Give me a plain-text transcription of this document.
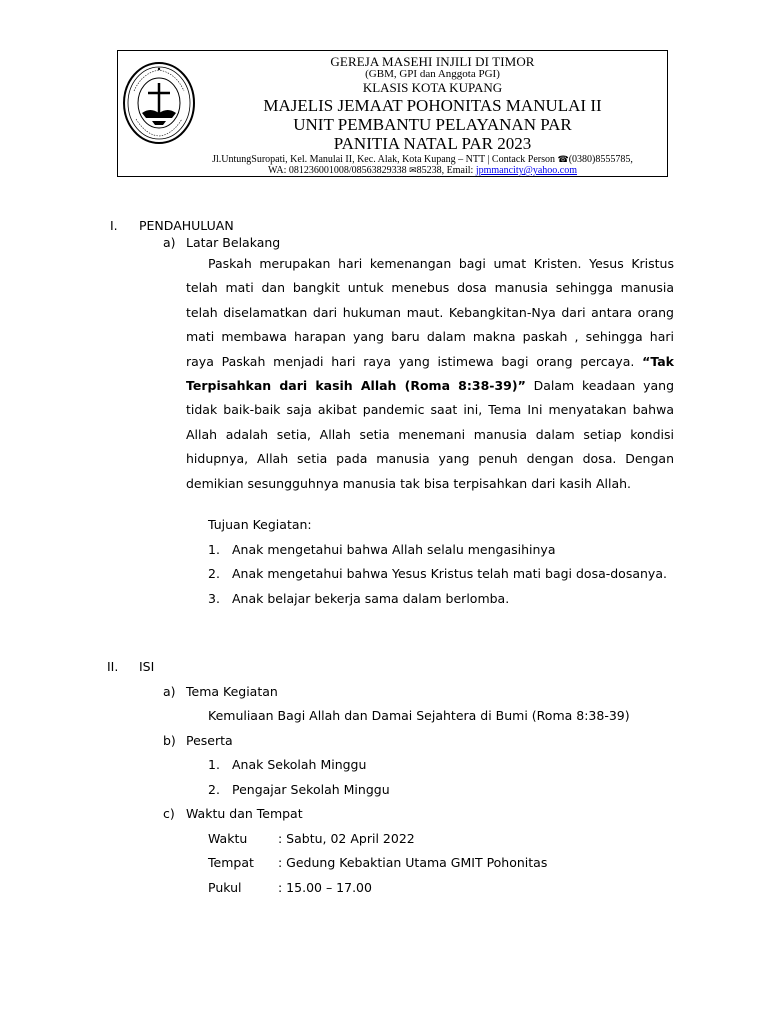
GEREJA MASEHI INJILI DI TIMOR
(GBM, GPI dan Anggota PGI)
KLASIS KOTA KUPANG
MAJELIS JEMAAT POHONITAS MANULAI II
UNIT PEMBANTU PELAYANAN PAR
PANITIA NATAL PAR 2023
Jl.UntungSuropati, Kel. Manulai II, Kec. Alak, Kota Kupang – NTT | Contack Person ☎(0380)8555785,
WA: 081236001008/08563829338 ✉85238, Email: jpmmancity@yahoo.com
I. PENDAHULUAN
a) Latar Belakang
Paskah merupakan hari kemenangan bagi umat Kristen. Yesus Kristus telah mati dan bangkit untuk menebus dosa manusia sehingga manusia telah diselamatkan dari hukuman maut. Kebangkitan-Nya dari antara orang mati membawa harapan yang baru dalam makna paskah , sehingga hari raya Paskah menjadi hari raya yang istimewa bagi orang percaya. “Tak Terpisahkan dari kasih Allah (Roma 8:38-39)” Dalam keadaan yang tidak baik-baik saja akibat pandemic saat ini, Tema Ini menyatakan bahwa Allah adalah setia, Allah setia menemani manusia dalam setiap kondisi hidupnya, Allah setia pada manusia yang penuh dengan dosa. Dengan demikian sesungguhnya manusia tak bisa terpisahkan dari kasih Allah.
Tujuan Kegiatan:
1. Anak mengetahui bahwa Allah selalu mengasihinya
2. Anak mengetahui bahwa Yesus Kristus telah mati bagi dosa-dosanya.
3. Anak belajar bekerja sama dalam berlomba.
II. ISI
a) Tema Kegiatan
Kemuliaan Bagi Allah dan Damai Sejahtera di Bumi (Roma 8:38-39)
b) Peserta
1. Anak Sekolah Minggu
2. Pengajar Sekolah Minggu
c) Waktu dan Tempat
Waktu : Sabtu, 02 April 2022
Tempat : Gedung Kebaktian Utama GMIT Pohonitas
Pukul	: 15.00 – 17.00
